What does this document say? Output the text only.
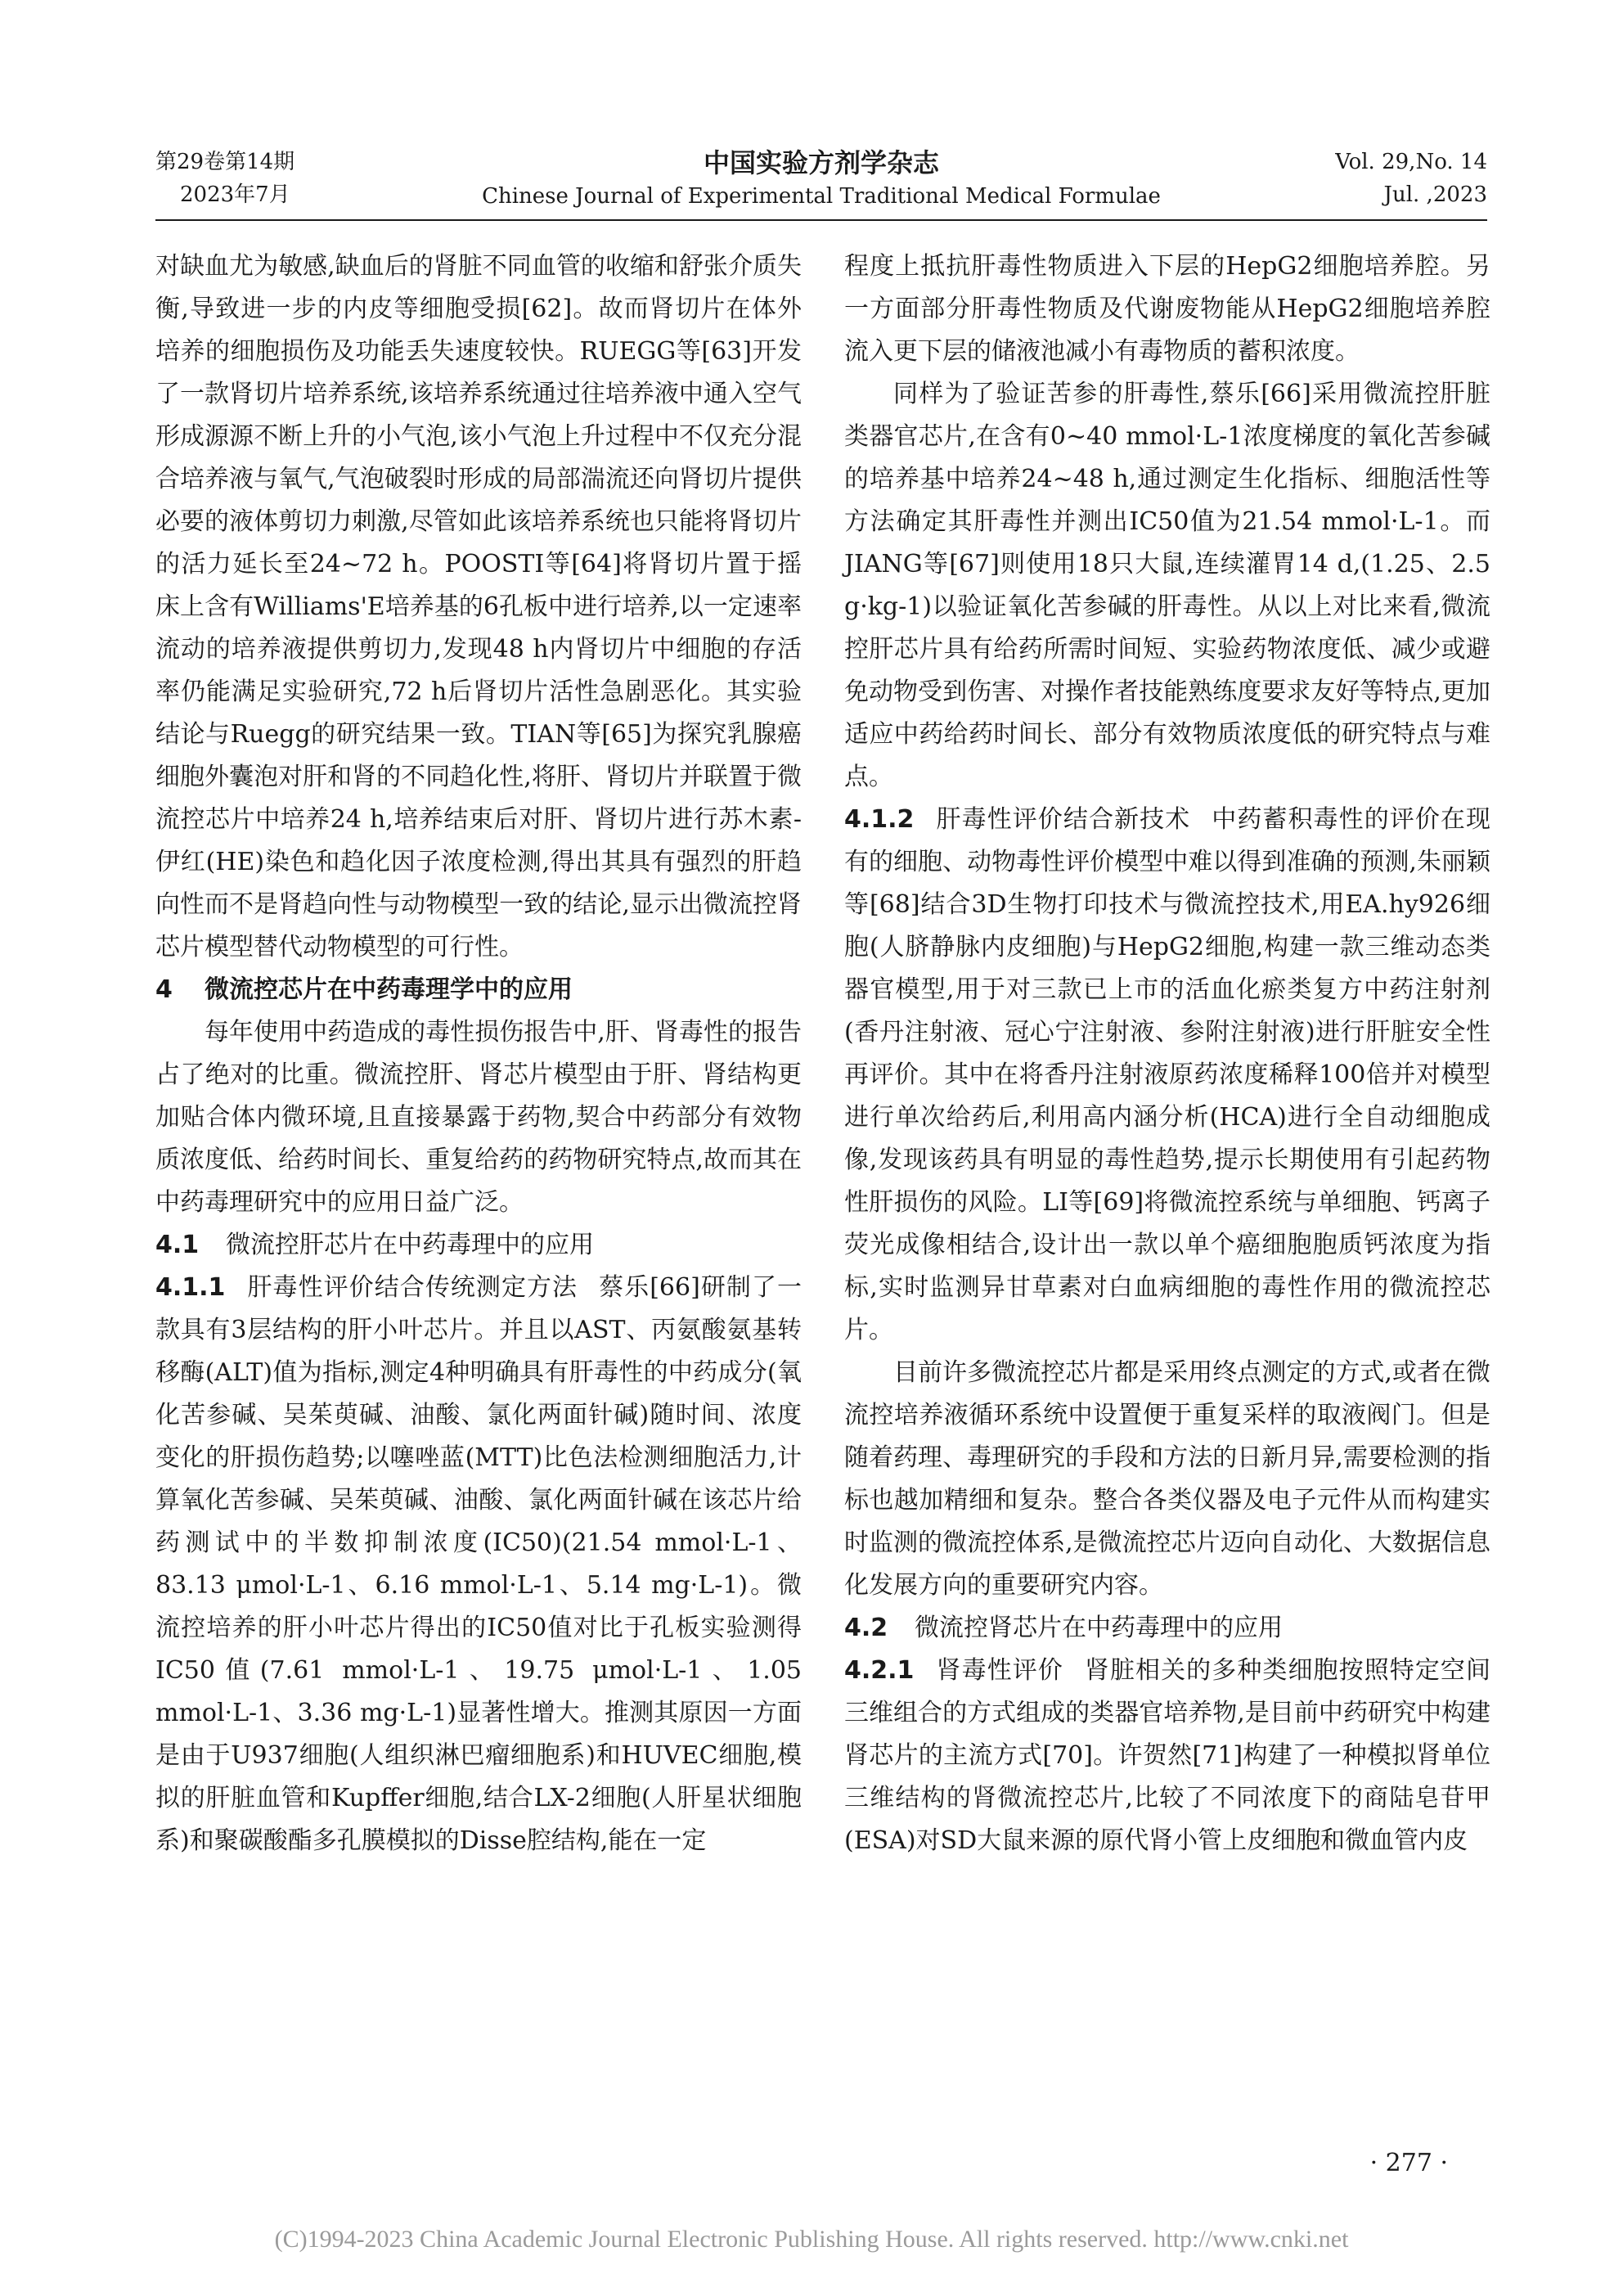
第29卷第14期
2023年7月
中国实验方剂学杂志
Chinese Journal of Experimental Traditional Medical Formulae
Vol. 29,No. 14
Jul. ,2023

对缺血尤为敏感,缺血后的肾脏不同血管的收缩和舒张介质失衡,导致进一步的内皮等细胞受损[62]。故而肾切片在体外培养的细胞损伤及功能丢失速度较快。RUEGG等[63]开发了一款肾切片培养系统,该培养系统通过往培养液中通入空气形成源源不断上升的小气泡,该小气泡上升过程中不仅充分混合培养液与氧气,气泡破裂时形成的局部湍流还向肾切片提供必要的液体剪切力刺激,尽管如此该培养系统也只能将肾切片的活力延长至24~72 h。POOSTI等[64]将肾切片置于摇床上含有Williams'E培养基的6孔板中进行培养,以一定速率流动的培养液提供剪切力,发现48 h内肾切片中细胞的存活率仍能满足实验研究,72 h后肾切片活性急剧恶化。其实验结论与Ruegg的研究结果一致。TIAN等[65]为探究乳腺癌细胞外囊泡对肝和肾的不同趋化性,将肝、肾切片并联置于微流控芯片中培养24 h,培养结束后对肝、肾切片进行苏木素-伊红(HE)染色和趋化因子浓度检测,得出其具有强烈的肝趋向性而不是肾趋向性与动物模型一致的结论,显示出微流控肾芯片模型替代动物模型的可行性。

4 微流控芯片在中药毒理学中的应用

每年使用中药造成的毒性损伤报告中,肝、肾毒性的报告占了绝对的比重。微流控肝、肾芯片模型由于肝、肾结构更加贴合体内微环境,且直接暴露于药物,契合中药部分有效物质浓度低、给药时间长、重复给药的药物研究特点,故而其在中药毒理研究中的应用日益广泛。

4.1 微流控肝芯片在中药毒理中的应用

4.1.1 肝毒性评价结合传统测定方法 蔡乐[66]研制了一款具有3层结构的肝小叶芯片。并且以AST、丙氨酸氨基转移酶(ALT)值为指标,测定4种明确具有肝毒性的中药成分(氧化苦参碱、吴茱萸碱、油酸、氯化两面针碱)随时间、浓度变化的肝损伤趋势;以噻唑蓝(MTT)比色法检测细胞活力,计算氧化苦参碱、吴茱萸碱、油酸、氯化两面针碱在该芯片给药测试中的半数抑制浓度(IC50)(21.54 mmol·L-1、83.13 μmol·L-1、6.16 mmol·L-1、5.14 mg·L-1)。微流控培养的肝小叶芯片得出的IC50值对比于孔板实验测得IC50值(7.61 mmol·L-1、19.75 μmol·L-1、1.05 mmol·L-1、3.36 mg·L-1)显著性增大。推测其原因一方面是由于U937细胞(人组织淋巴瘤细胞系)和HUVEC细胞,模拟的肝脏血管和Kupffer细胞,结合LX-2细胞(人肝星状细胞系)和聚碳酸酯多孔膜模拟的Disse腔结构,能在一定

程度上抵抗肝毒性物质进入下层的HepG2细胞培养腔。另一方面部分肝毒性物质及代谢废物能从HepG2细胞培养腔流入更下层的储液池减小有毒物质的蓄积浓度。

同样为了验证苦参的肝毒性,蔡乐[66]采用微流控肝脏类器官芯片,在含有0~40 mmol·L-1浓度梯度的氧化苦参碱的培养基中培养24~48 h,通过测定生化指标、细胞活性等方法确定其肝毒性并测出IC50值为21.54 mmol·L-1。而JIANG等[67]则使用18只大鼠,连续灌胃14 d,(1.25、2.5 g·kg-1)以验证氧化苦参碱的肝毒性。从以上对比来看,微流控肝芯片具有给药所需时间短、实验药物浓度低、减少或避免动物受到伤害、对操作者技能熟练度要求友好等特点,更加适应中药给药时间长、部分有效物质浓度低的研究特点与难点。

4.1.2 肝毒性评价结合新技术 中药蓄积毒性的评价在现有的细胞、动物毒性评价模型中难以得到准确的预测,朱丽颖等[68]结合3D生物打印技术与微流控技术,用EA.hy926细胞(人脐静脉内皮细胞)与HepG2细胞,构建一款三维动态类器官模型,用于对三款已上市的活血化瘀类复方中药注射剂(香丹注射液、冠心宁注射液、参附注射液)进行肝脏安全性再评价。其中在将香丹注射液原药浓度稀释100倍并对模型进行单次给药后,利用高内涵分析(HCA)进行全自动细胞成像,发现该药具有明显的毒性趋势,提示长期使用有引起药物性肝损伤的风险。LI等[69]将微流控系统与单细胞、钙离子荧光成像相结合,设计出一款以单个癌细胞胞质钙浓度为指标,实时监测异甘草素对白血病细胞的毒性作用的微流控芯片。

目前许多微流控芯片都是采用终点测定的方式,或者在微流控培养液循环系统中设置便于重复采样的取液阀门。但是随着药理、毒理研究的手段和方法的日新月异,需要检测的指标也越加精细和复杂。整合各类仪器及电子元件从而构建实时监测的微流控体系,是微流控芯片迈向自动化、大数据信息化发展方向的重要研究内容。

4.2 微流控肾芯片在中药毒理中的应用

4.2.1 肾毒性评价 肾脏相关的多种类细胞按照特定空间三维组合的方式组成的类器官培养物,是目前中药研究中构建肾芯片的主流方式[70]。许贺然[71]构建了一种模拟肾单位三维结构的肾微流控芯片,比较了不同浓度下的商陆皂苷甲(ESA)对SD大鼠来源的原代肾小管上皮细胞和微血管内皮

· 277 ·
(C)1994-2023 China Academic Journal Electronic Publishing House. All rights reserved. http://www.cnki.net
